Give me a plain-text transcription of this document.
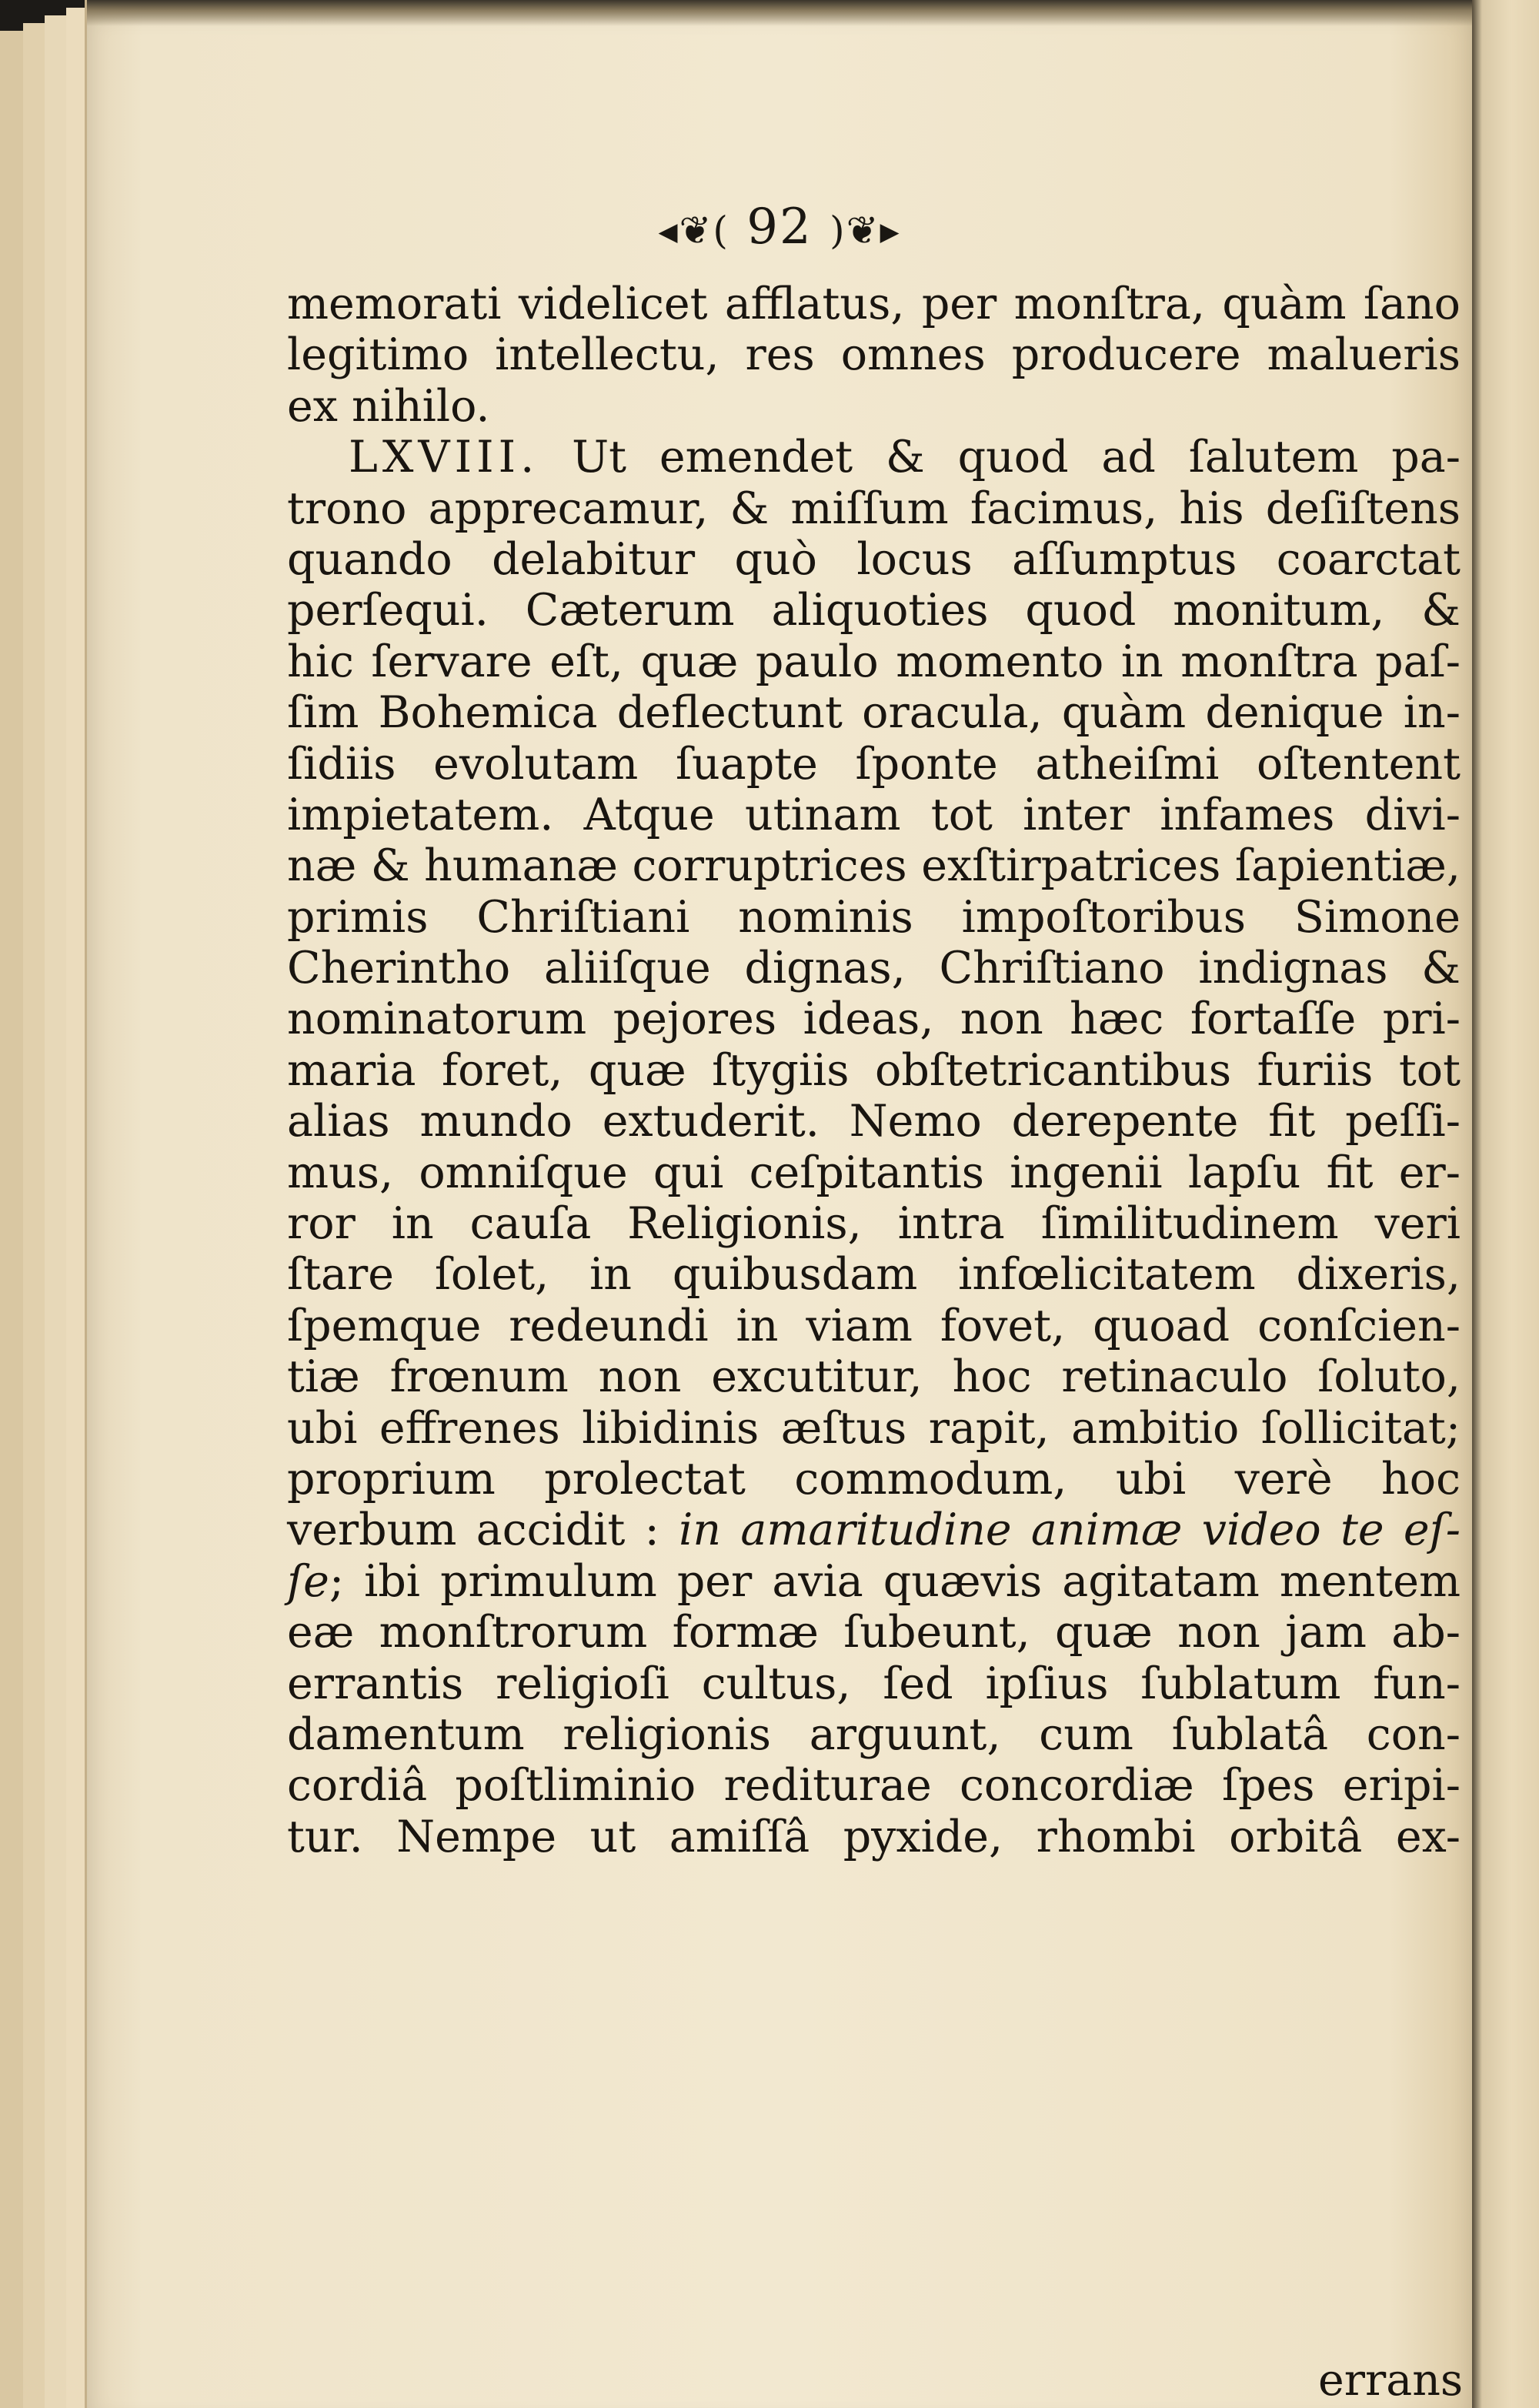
◂❦( 92 )❦▸
memorati videlicet afflatus, per monſtra, quàm ſano
legitimo intellectu, res omnes producere malueris
ex nihilo.
LXVIII. Ut emendet & quod ad ſalutem pa-
trono apprecamur, & miſſum facimus, his deſiſtens
quando delabitur quò locus aſſumptus coarctat
perſequi. Cæterum aliquoties quod monitum, &
hic ſervare eſt, quæ paulo momento in monſtra paſ-
ſim Bohemica deflectunt oracula, quàm denique in-
ſidiis evolutam ſuapte ſponte atheiſmi oſtentent
impietatem. Atque utinam tot inter infames divi-
næ & humanæ corruptrices exſtirpatrices ſapientiæ,
primis Chriſtiani nominis impoſtoribus Simone
Cherintho aliiſque dignas, Chriſtiano indignas &
nominatorum pejores ideas, non hæc fortaſſe pri-
maria foret, quæ ſtygiis obſtetricantibus furiis tot
alias mundo extuderit. Nemo derepente fit peſſi-
mus, omniſque qui ceſpitantis ingenii lapſu fit er-
ror in cauſa Religionis, intra ſimilitudinem veri
ſtare ſolet, in quibusdam infœlicitatem dixeris,
ſpemque redeundi in viam fovet, quoad conſcien-
tiæ frœnum non excutitur, hoc retinaculo ſoluto,
ubi effrenes libidinis æſtus rapit, ambitio ſollicitat;
proprium prolectat commodum, ubi verè hoc
verbum accidit : in amaritudine animæ video te eſ-
ſe; ibi primulum per avia quævis agitatam mentem
eæ monſtrorum formæ ſubeunt, quæ non jam ab-
errantis religioſi cultus, ſed ipſius ſublatum fun-
damentum religionis arguunt, cum ſublatâ con-
cordiâ poſtliminio rediturae concordiæ ſpes eripi-
tur. Nempe ut amiſſâ pyxide, rhombi orbitâ ex-
errans
